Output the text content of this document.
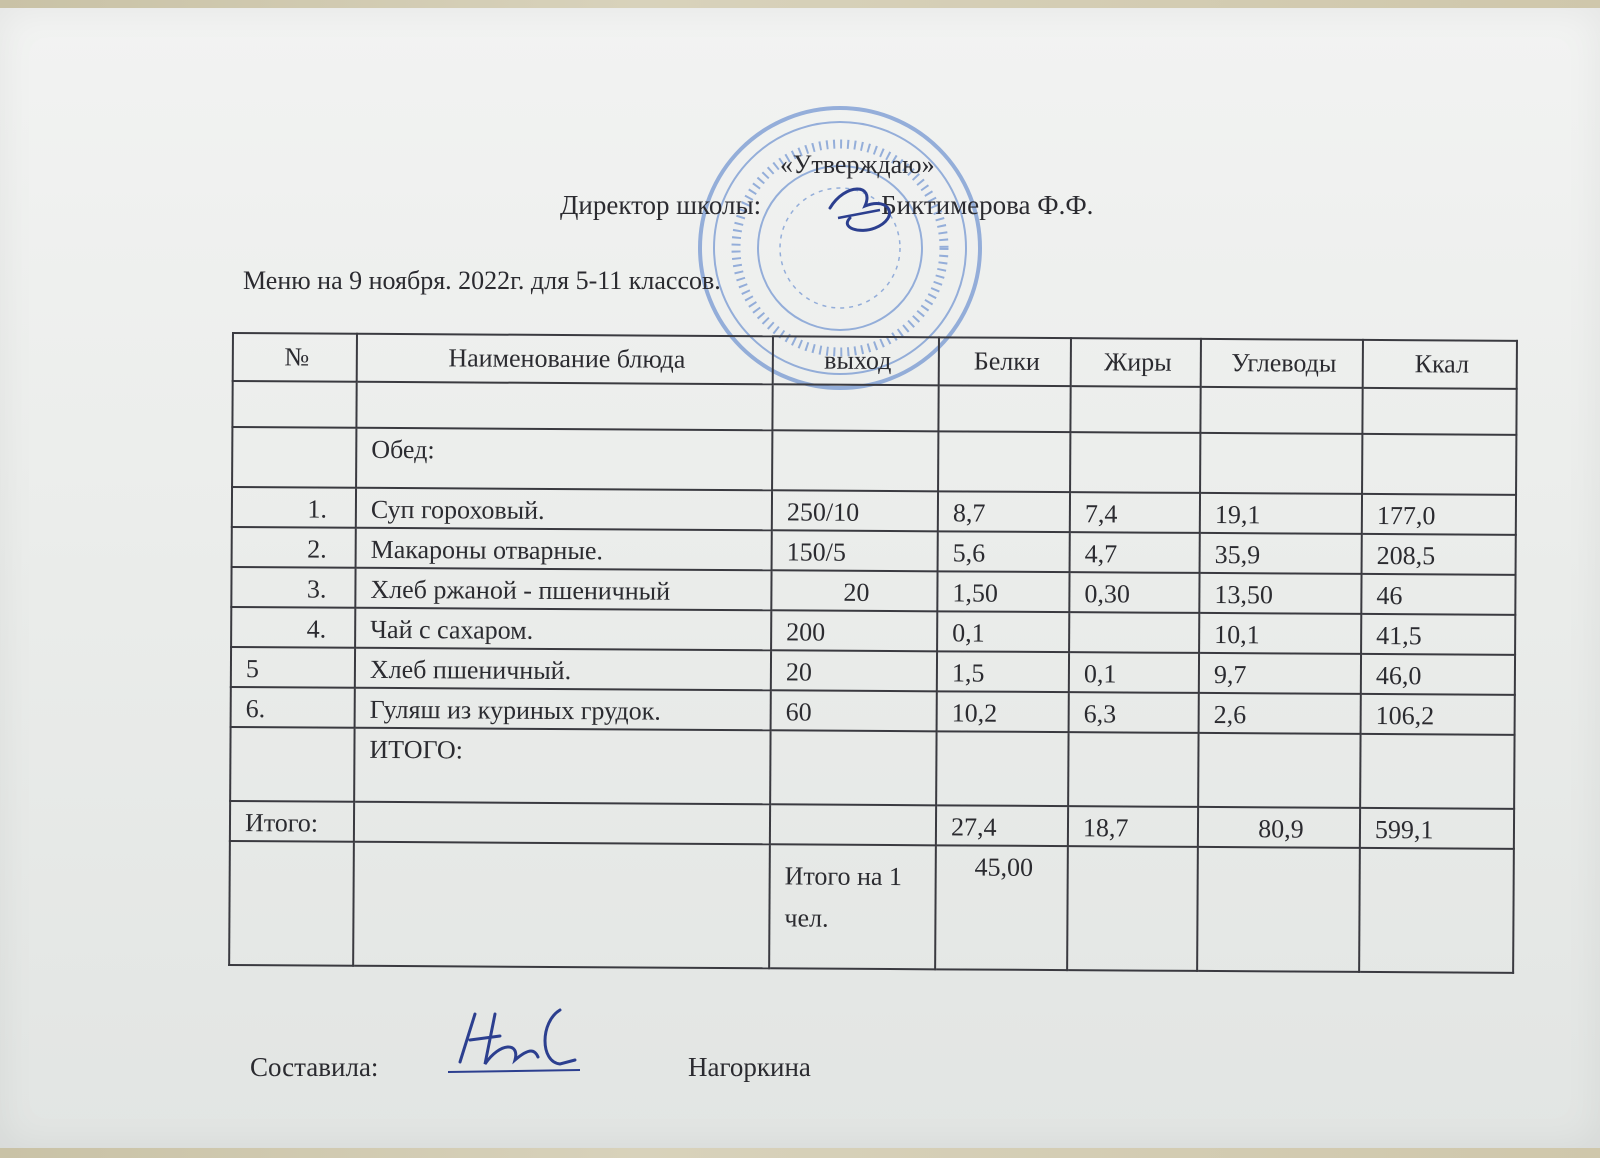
«Утверждаю»
Директор школы:	Биктимерова Ф.Ф.
Меню на 9 ноября. 2022г. для 5-11 классов.
№	Наименование блюда	выход	Белки	Жиры	Углеводы	Ккал

	Обед:					
1.	Суп гороховый.	250/10	8,7	7,4	19,1	177,0
2.	Макароны отварные.	150/5	5,6	4,7	35,9	208,5
3.	Хлеб ржаной - пшеничный	20	1,50	0,30	13,50	46
4.	Чай с сахаром.	200	0,1		10,1	41,5
5	Хлеб пшеничный.	20	1,5	0,1	9,7	46,0
6.	Гуляш из куриных грудок.	60	10,2	6,3	2,6	106,2
	ИТОГО:					
Итого:			27,4	18,7	80,9	599,1
		Итого на 1 чел.	45,00			
Составила:	Нагоркина
